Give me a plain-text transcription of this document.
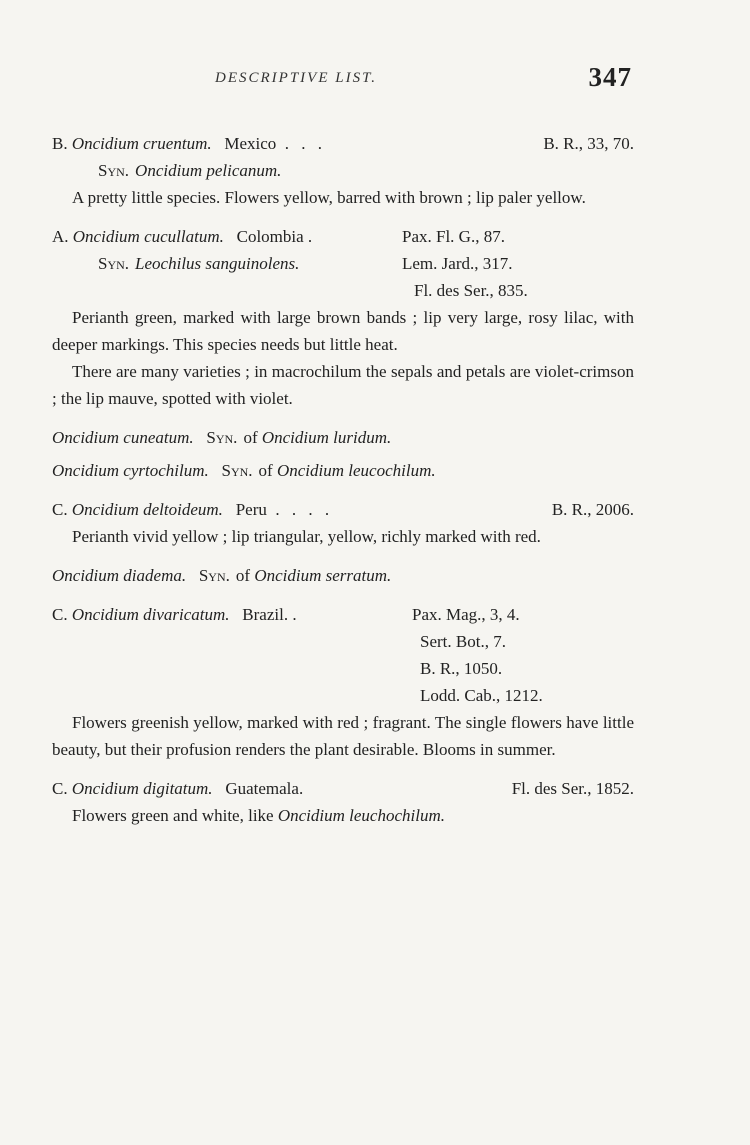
DESCRIPTIVE LIST.	347
B. Oncidium cruentum. Mexico . . .	B. R., 33, 70.
Syn. Oncidium pelicanum.
A pretty little species. Flowers yellow, barred with brown ; lip paler yellow.
A. Oncidium cucullatum. Colombia .	Pax. Fl. G., 87.
Syn. Leochilus sanguinolens.	Lem. Jard., 317.
Fl. des Ser., 835.
Perianth green, marked with large brown bands ; lip very large, rosy lilac, with deeper markings. This species needs but little heat.
There are many varieties ; in macrochilum the sepals and petals are violet-crimson ; the lip mauve, spotted with violet.
Oncidium cuneatum. Syn. of Oncidium luridum.
Oncidium cyrtochilum. Syn. of Oncidium leucochilum.
C. Oncidium deltoideum. Peru . . . .	B. R., 2006.
Perianth vivid yellow ; lip triangular, yellow, richly marked with red.
Oncidium diadema. Syn. of Oncidium serratum.
C. Oncidium divaricatum. Brazil. .	Pax. Mag., 3, 4.
Sert. Bot., 7.
B. R., 1050.
Lodd. Cab., 1212.
Flowers greenish yellow, marked with red ; fragrant. The single flowers have little beauty, but their profusion renders the plant desirable. Blooms in summer.
C. Oncidium digitatum. Guatemala.	Fl. des Ser., 1852.
Flowers green and white, like Oncidium leuchochilum.
